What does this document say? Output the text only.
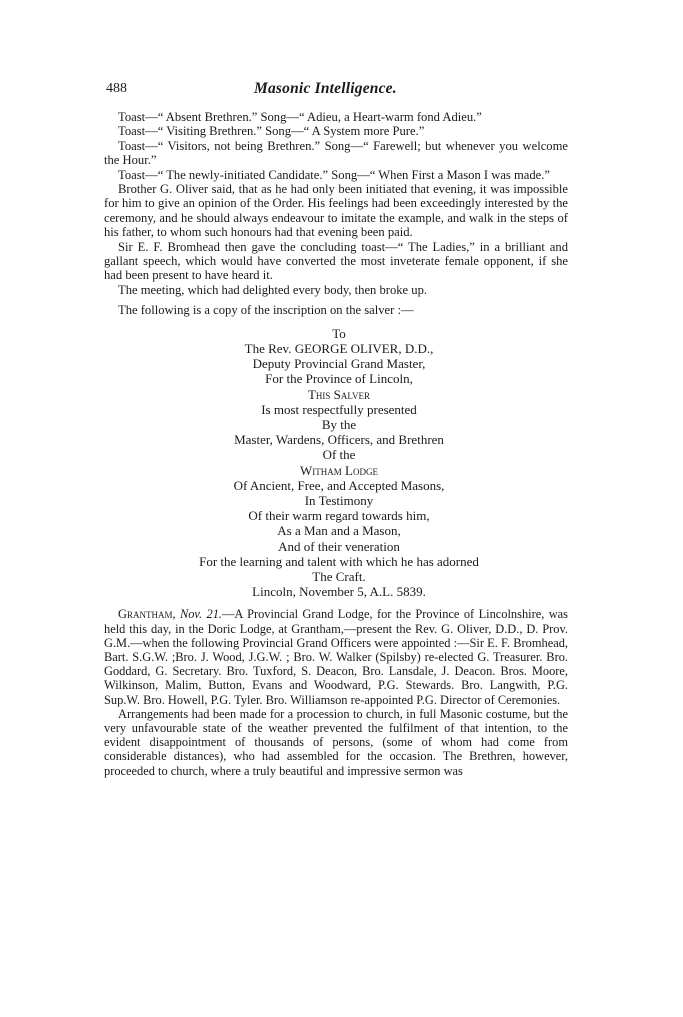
488	Masonic Intelligence.

Toast—“ Absent Brethren.” Song—“ Adieu, a Heart-warm fond Adieu.”

Toast—“ Visiting Brethren.” Song—“ A System more Pure.”

Toast—“ Visitors, not being Brethren.” Song—“ Farewell; but whenever you welcome the Hour.”

Toast—“ The newly-initiated Candidate.” Song—“ When First a Mason I was made.”

Brother G. Oliver said, that as he had only been initiated that evening, it was impossible for him to give an opinion of the Order. His feelings had been exceedingly interested by the ceremony, and he should always endeavour to imitate the example, and walk in the steps of his father, to whom such honours had that evening been paid.

Sir E. F. Bromhead then gave the concluding toast—“ The Ladies,” in a brilliant and gallant speech, which would have converted the most inveterate female opponent, if she had been present to have heard it.

The meeting, which had delighted every body, then broke up.

The following is a copy of the inscription on the salver :—

To
The Rev. GEORGE OLIVER, D.D.,
Deputy Provincial Grand Master,
For the Province of Lincoln,
This Salver
Is most respectfully presented
By the
Master, Wardens, Officers, and Brethren
Of the
Witham Lodge
Of Ancient, Free, and Accepted Masons,
In Testimony
Of their warm regard towards him,
As a Man and a Mason,
And of their veneration
For the learning and talent with which he has adorned
The Craft.
Lincoln, November 5, A.L. 5839.

Grantham, Nov. 21.—A Provincial Grand Lodge, for the Province of Lincolnshire, was held this day, in the Doric Lodge, at Grantham,—present the Rev. G. Oliver, D.D., D. Prov. G.M.—when the following Provincial Grand Officers were appointed :—Sir E. F. Bromhead, Bart. S.G.W. ;Bro. J. Wood, J.G.W. ; Bro. W. Walker (Spilsby) re-elected G. Treasurer. Bro. Goddard, G. Secretary. Bro. Tuxford, S. Deacon, Bro. Lansdale, J. Deacon. Bros. Moore, Wilkinson, Malim, Button, Evans and Woodward, P.G. Stewards. Bro. Langwith, P.G. Sup.W. Bro. Howell, P.G. Tyler. Bro. Williamson re-appointed P.G. Director of Ceremonies.

Arrangements had been made for a procession to church, in full Masonic costume, but the very unfavourable state of the weather prevented the fulfilment of that intention, to the evident disappointment of thousands of persons, (some of whom had come from considerable distances), who had assembled for the occasion. The Brethren, however, proceeded to church, where a truly beautiful and impressive sermon was
